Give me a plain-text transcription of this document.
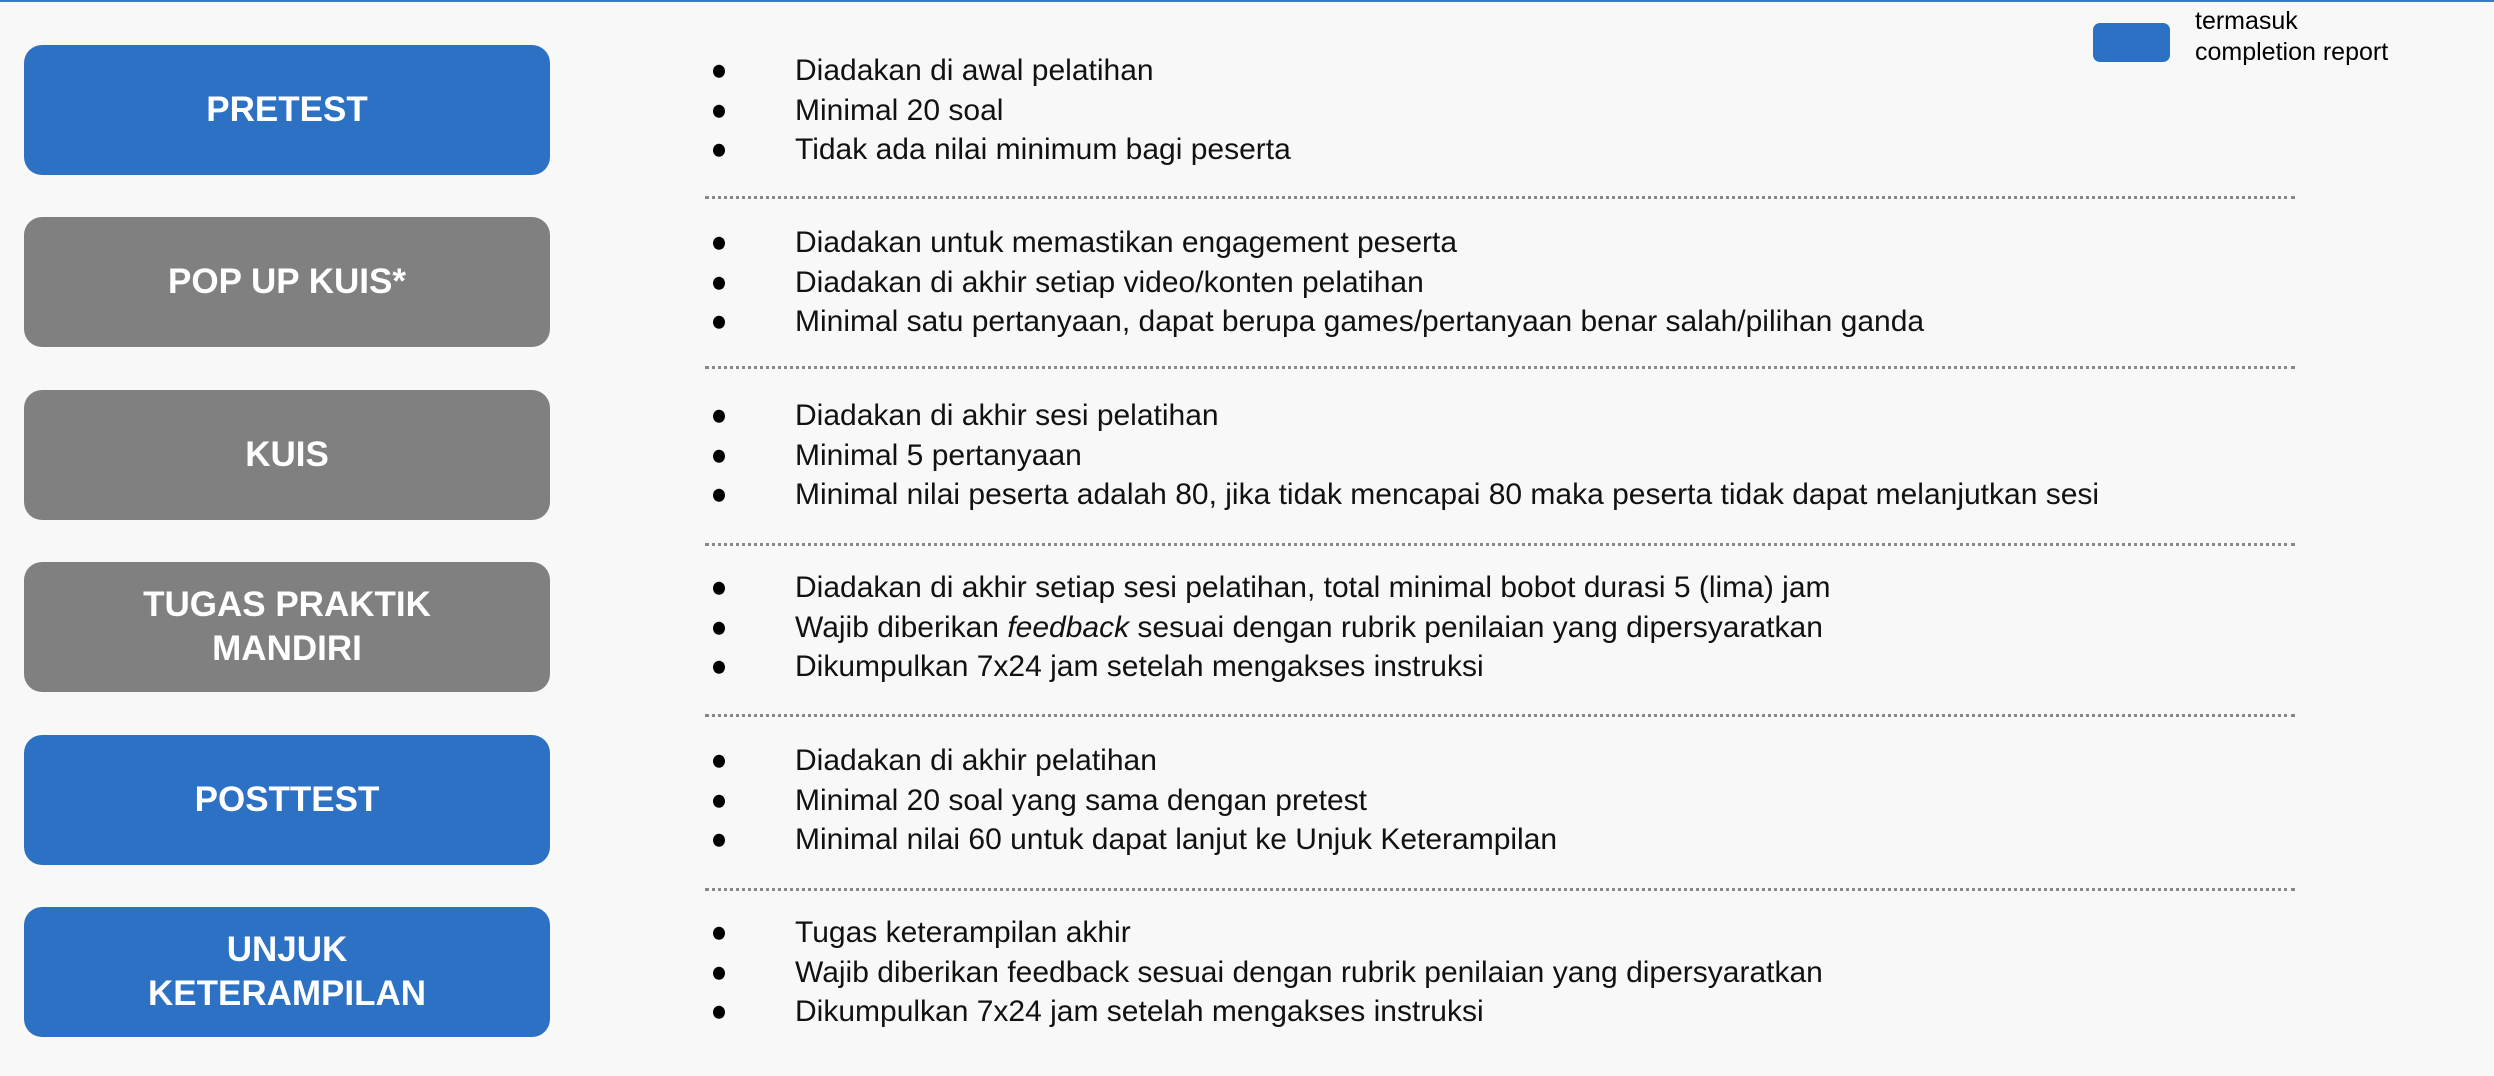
termasuk
completion report
PRETEST
Diadakan di awal pelatihan
Minimal 20 soal
Tidak ada nilai minimum bagi peserta
POP UP KUIS*
Diadakan untuk memastikan engagement peserta
Diadakan di akhir setiap video/konten pelatihan
Minimal satu pertanyaan, dapat berupa games/pertanyaan benar salah/pilihan ganda
KUIS
Diadakan di akhir sesi pelatihan
Minimal 5 pertanyaan
Minimal nilai peserta adalah 80, jika tidak mencapai 80 maka peserta tidak dapat melanjutkan sesi
TUGAS PRAKTIK
MANDIRI
Diadakan di akhir setiap sesi pelatihan, total minimal bobot durasi 5 (lima) jam
Wajib diberikan feedback sesuai dengan rubrik penilaian yang dipersyaratkan
Dikumpulkan 7x24 jam setelah mengakses instruksi
POSTTEST
Diadakan di akhir pelatihan
Minimal 20 soal yang sama dengan pretest
Minimal nilai 60 untuk dapat lanjut ke Unjuk Keterampilan
UNJUK
KETERAMPILAN
Tugas keterampilan akhir
Wajib diberikan feedback sesuai dengan rubrik penilaian yang dipersyaratkan
Dikumpulkan 7x24 jam setelah mengakses instruksi
